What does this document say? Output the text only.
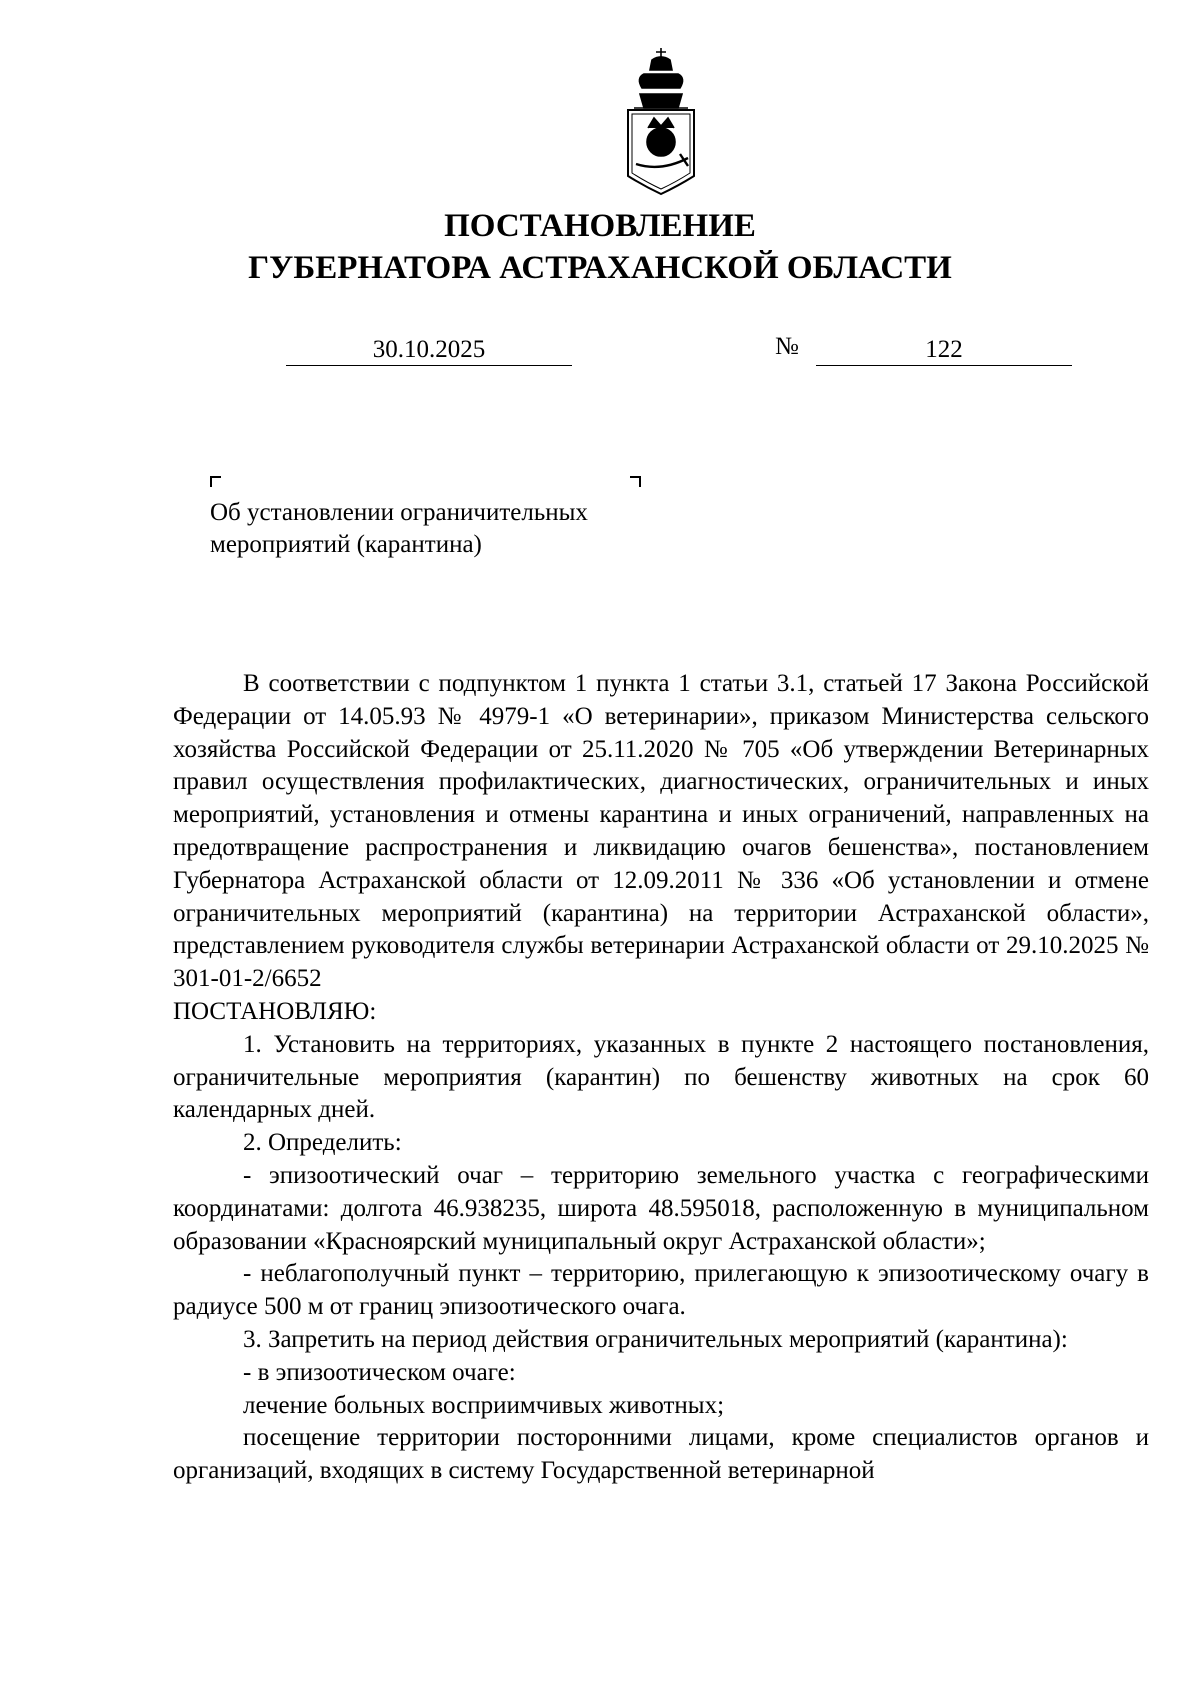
ПОСТАНОВЛЕНИЕ
ГУБЕРНАТОРА АСТРАХАНСКОЙ ОБЛАСТИ
30.10.2025	№	122
Об установлении ограничительных
мероприятий (карантина)

В соответствии с подпунктом 1 пункта 1 статьи 3.1, статьей 17 Закона Российской Федерации от 14.05.93 № 4979-1 «О ветеринарии», приказом Министерства сельского хозяйства Российской Федерации от 25.11.2020 № 705 «Об утверждении Ветеринарных правил осуществления профилактических, диагностических, ограничительных и иных мероприятий, установления и отмены карантина и иных ограничений, направленных на предотвращение распространения и ликвидацию очагов бешенства», постановлением Губернатора Астраханской области от 12.09.2011 № 336 «Об установлении и отмене ограничительных мероприятий (карантина) на территории Астраханской области», представлением руководителя службы ветеринарии Астраханской области от 29.10.2025 № 301-01-2/6652

ПОСТАНОВЛЯЮ:

1. Установить на территориях, указанных в пункте 2 настоящего постановления, ограничительные мероприятия (карантин) по бешенству животных на срок 60 календарных дней.

2. Определить:

- эпизоотический очаг – территорию земельного участка с географическими координатами: долгота 46.938235, широта 48.595018, расположенную в муниципальном образовании «Красноярский муниципальный округ Астраханской области»;

- неблагополучный пункт – территорию, прилегающую к эпизоотическому очагу в радиусе 500 м от границ эпизоотического очага.

3. Запретить на период действия ограничительных мероприятий (карантина):

- в эпизоотическом очаге:

лечение больных восприимчивых животных;

посещение территории посторонними лицами, кроме специалистов органов и организаций, входящих в систему Государственной ветеринарной
